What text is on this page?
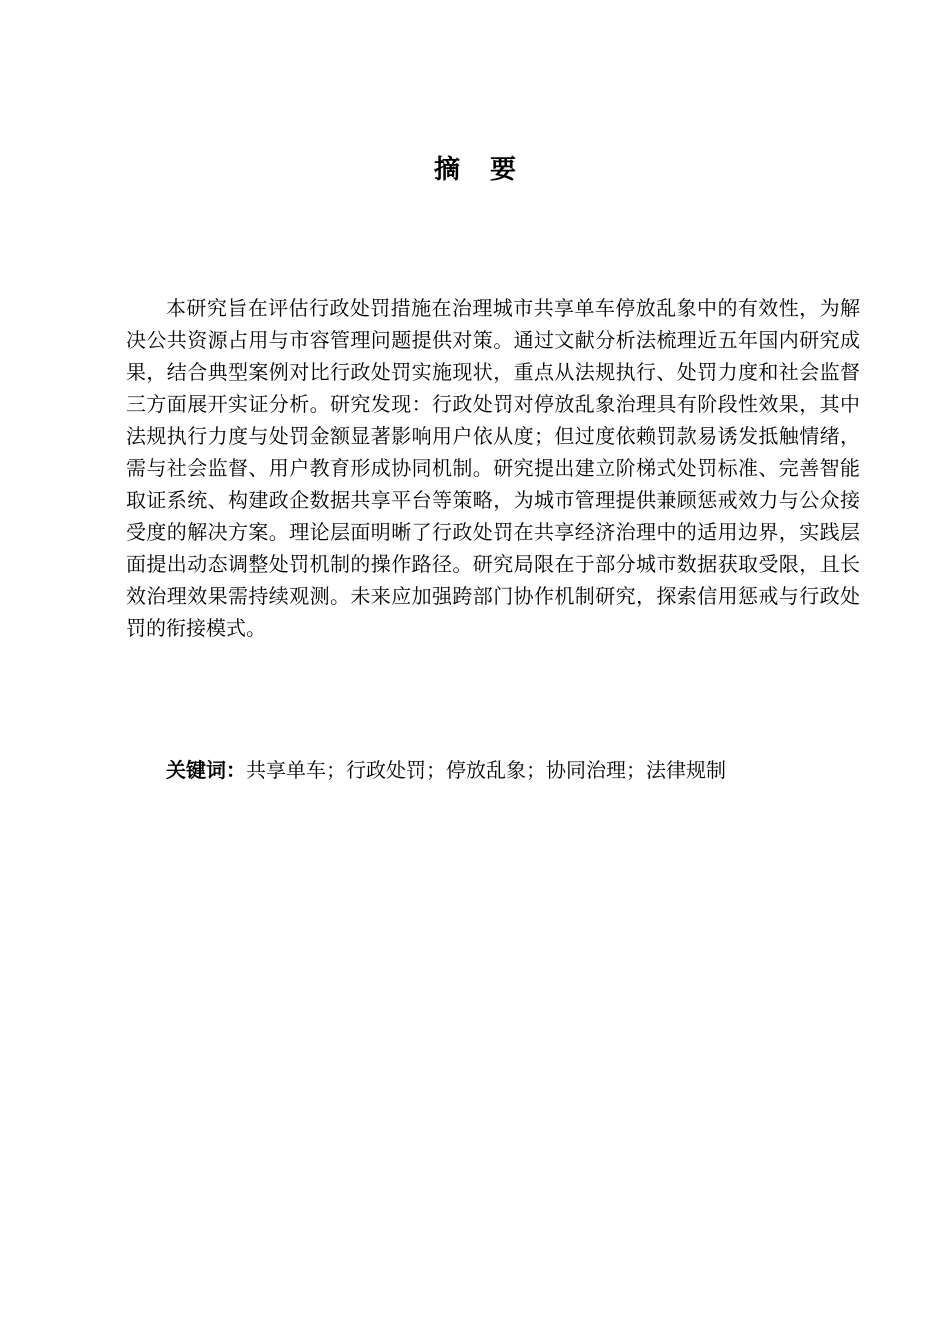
摘要

本研究旨在评估行政处罚措施在治理城市共享单车停放乱象中的有效性，为解决公共资源占用与市容管理问题提供对策。通过文献分析法梳理近五年国内研究成果，结合典型案例对比行政处罚实施现状，重点从法规执行、处罚力度和社会监督三方面展开实证分析。研究发现：行政处罚对停放乱象治理具有阶段性效果，其中法规执行力度与处罚金额显著影响用户依从度；但过度依赖罚款易诱发抵触情绪，需与社会监督、用户教育形成协同机制。研究提出建立阶梯式处罚标准、完善智能取证系统、构建政企数据共享平台等策略，为城市管理提供兼顾惩戒效力与公众接受度的解决方案。理论层面明晰了行政处罚在共享经济治理中的适用边界，实践层面提出动态调整处罚机制的操作路径。研究局限在于部分城市数据获取受限，且长效治理效果需持续观测。未来应加强跨部门协作机制研究，探索信用惩戒与行政处罚的衔接模式。

关键词：共享单车；行政处罚；停放乱象；协同治理；法律规制
